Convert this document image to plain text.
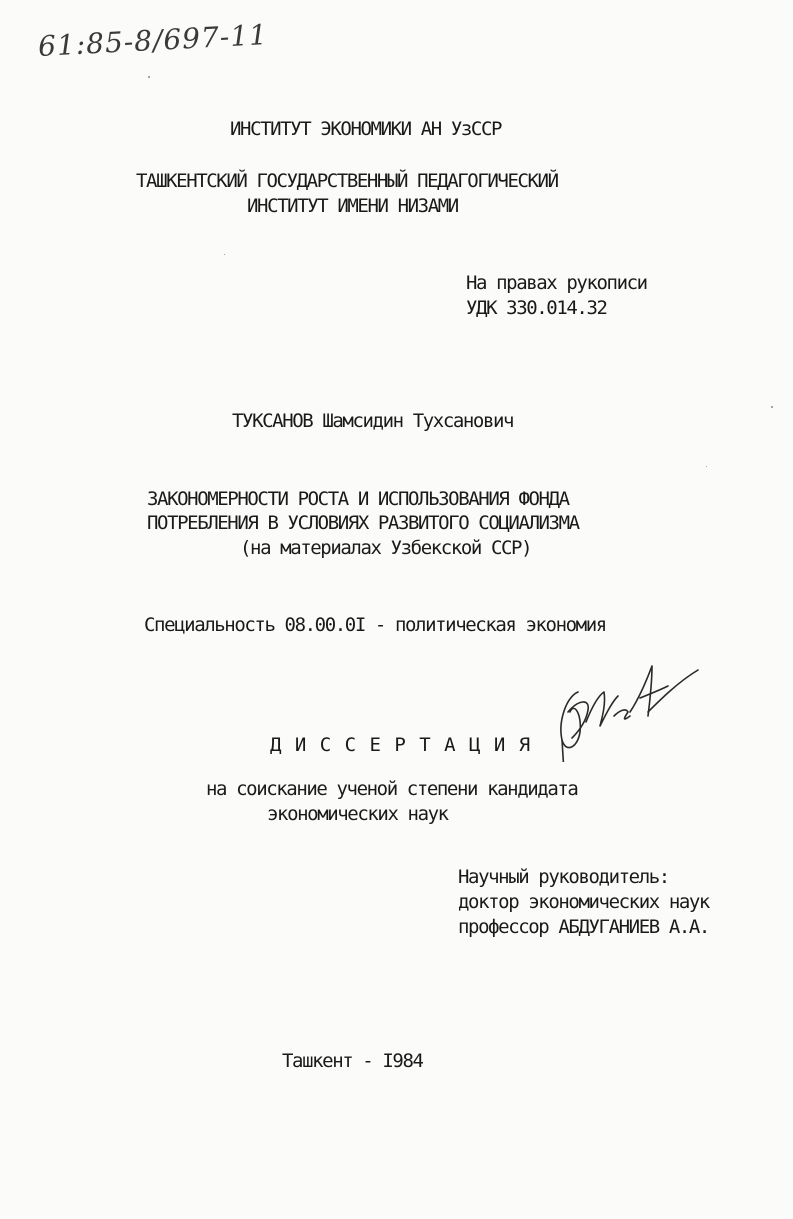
61:85-8/697-11
ИНСТИТУТ ЭКОНОМИКИ АН УзССР
ТАШКЕНТСКИЙ ГОСУДАРСТВЕННЫЙ ПЕДАГОГИЧЕСКИЙ
ИНСТИТУТ ИМЕНИ НИЗАМИ
На правах рукописи
УДК 330.014.32
ТУКСАНОВ Шамсидин Тухсанович
ЗАКОНОМЕРНОСТИ РОСТА И ИСПОЛЬЗОВАНИЯ ФОНДА
ПОТРЕБЛЕНИЯ В УСЛОВИЯХ РАЗВИТОГО СОЦИАЛИЗМА
(на материалах Узбекской ССР)
Специальность 08.00.0I - политическая экономия
Д И С С Е Р Т А Ц И Я
на соискание ученой степени кандидата
экономических наук
Научный руководитель:
доктор экономических наук
профессор АБДУГАНИЕВ А.А.
Ташкент - I984
